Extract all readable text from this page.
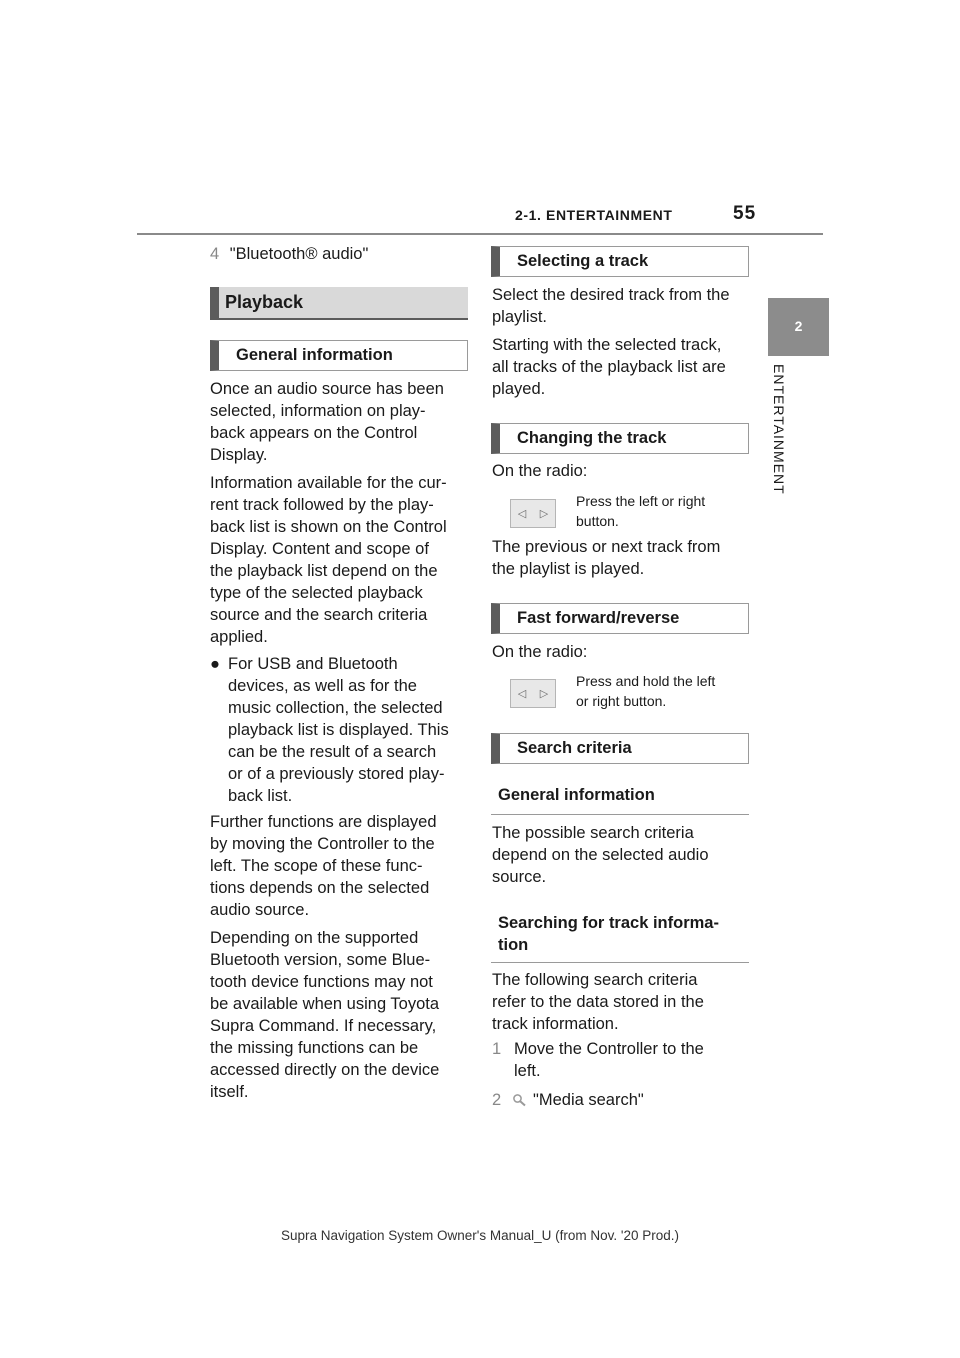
2-1. ENTERTAINMENT	55
2
ENTERTAINMENT
4 "Bluetooth® audio"
Playback
General information
Once an audio source has been
selected, information on play-
back appears on the Control
Display.
Information available for the cur-
rent track followed by the play-
back list is shown on the Control
Display. Content and scope of
the playback list depend on the
type of the selected playback
source and the search criteria
applied.
● For USB and Bluetooth
devices, as well as for the
music collection, the selected
playback list is displayed. This
can be the result of a search
or of a previously stored play-
back list.
Further functions are displayed
by moving the Controller to the
left. The scope of these func-
tions depends on the selected
audio source.
Depending on the supported
Bluetooth version, some Blue-
tooth device functions may not
be available when using Toyota
Supra Command. If necessary,
the missing functions can be
accessed directly on the device
itself.
Selecting a track
Select the desired track from the
playlist.
Starting with the selected track,
all tracks of the playback list are
played.
Changing the track
On the radio:
◁ ▷
Press the left or right
button.
The previous or next track from
the playlist is played.
Fast forward/reverse
On the radio:
◁ ▷
Press and hold the left
or right button.
Search criteria
General information
The possible search criteria
depend on the selected audio
source.
Searching for track informa-
tion
The following search criteria
refer to the data stored in the
track information.
1 Move the Controller to the
left.
2	"Media search"
Supra Navigation System Owner's Manual_U (from Nov. '20 Prod.)
